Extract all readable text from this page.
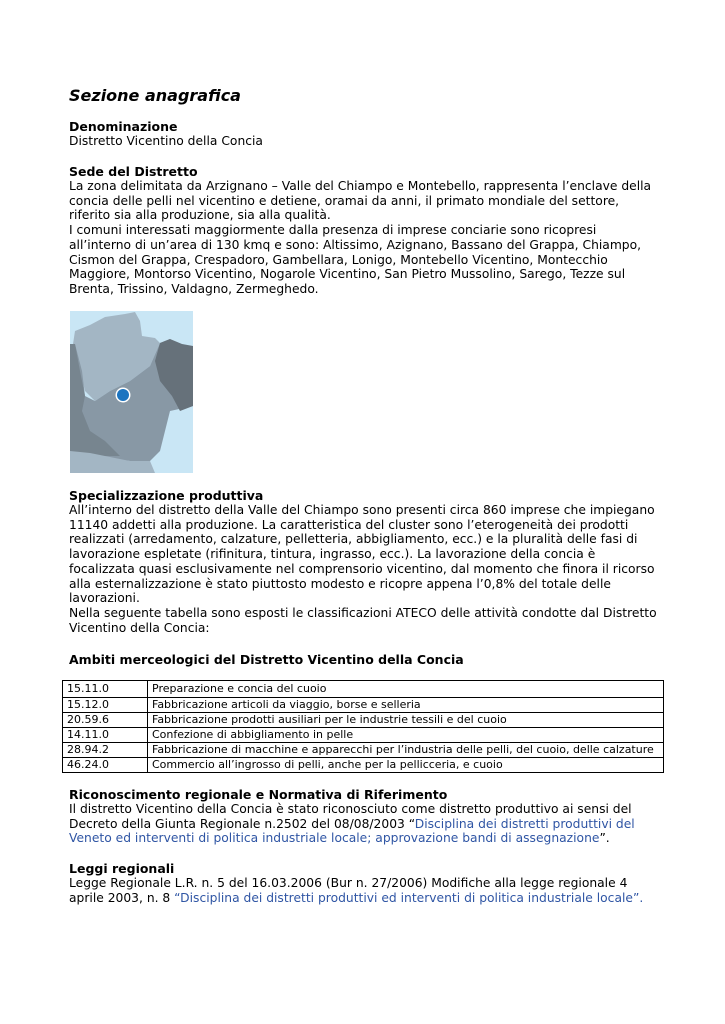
Sezione anagrafica
Denominazione
Distretto Vicentino della Concia
Sede del Distretto
La zona delimitata da Arzignano – Valle del Chiampo e Montebello, rappresenta l’enclave della
concia delle pelli nel vicentino e detiene, oramai da anni, il primato mondiale del settore,
riferito sia alla produzione, sia alla qualità.
I comuni interessati maggiormente dalla presenza di imprese conciarie sono ricopresi
all’interno di un’area di 130 kmq e sono: Altissimo, Azignano, Bassano del Grappa, Chiampo,
Cismon del Grappa, Crespadoro, Gambellara, Lonigo, Montebello Vicentino, Montecchio
Maggiore, Montorso Vicentino, Nogarole Vicentino, San Pietro Mussolino, Sarego, Tezze sul
Brenta, Trissino, Valdagno, Zermeghedo.
Specializzazione produttiva
All’interno del distretto della Valle del Chiampo sono presenti circa 860 imprese che impiegano
11140 addetti alla produzione. La caratteristica del cluster sono l’eterogeneità dei prodotti
realizzati (arredamento, calzature, pelletteria, abbigliamento, ecc.) e la pluralità delle fasi di
lavorazione espletate (rifinitura, tintura, ingrasso, ecc.). La lavorazione della concia è
focalizzata quasi esclusivamente nel comprensorio vicentino, dal momento che finora il ricorso
alla esternalizzazione è stato piuttosto modesto e ricopre appena l’0,8% del totale delle
lavorazioni.
Nella seguente tabella sono esposti le classificazioni ATECO delle attività condotte dal Distretto
Vicentino della Concia:
Ambiti merceologici del Distretto Vicentino della Concia
15.11.0	Preparazione e concia del cuoio
15.12.0	Fabbricazione articoli da viaggio, borse e selleria
20.59.6	Fabbricazione prodotti ausiliari per le industrie tessili e del cuoio
14.11.0	Confezione di abbigliamento in pelle
28.94.2	Fabbricazione di macchine e apparecchi per l’industria delle pelli, del cuoio, delle calzature
46.24.0	Commercio all’ingrosso di pelli, anche per la pellicceria, e cuoio
Riconoscimento regionale e Normativa di Riferimento
Il distretto Vicentino della Concia è stato riconosciuto come distretto produttivo ai sensi del
Decreto della Giunta Regionale n.2502 del 08/08/2003 “Disciplina dei distretti produttivi del
Veneto ed interventi di politica industriale locale; approvazione bandi di assegnazione”.
Leggi regionali
Legge Regionale L.R. n. 5 del 16.03.2006 (Bur n. 27/2006) Modifiche alla legge regionale 4
aprile 2003, n. 8 “Disciplina dei distretti produttivi ed interventi di politica industriale locale”.
